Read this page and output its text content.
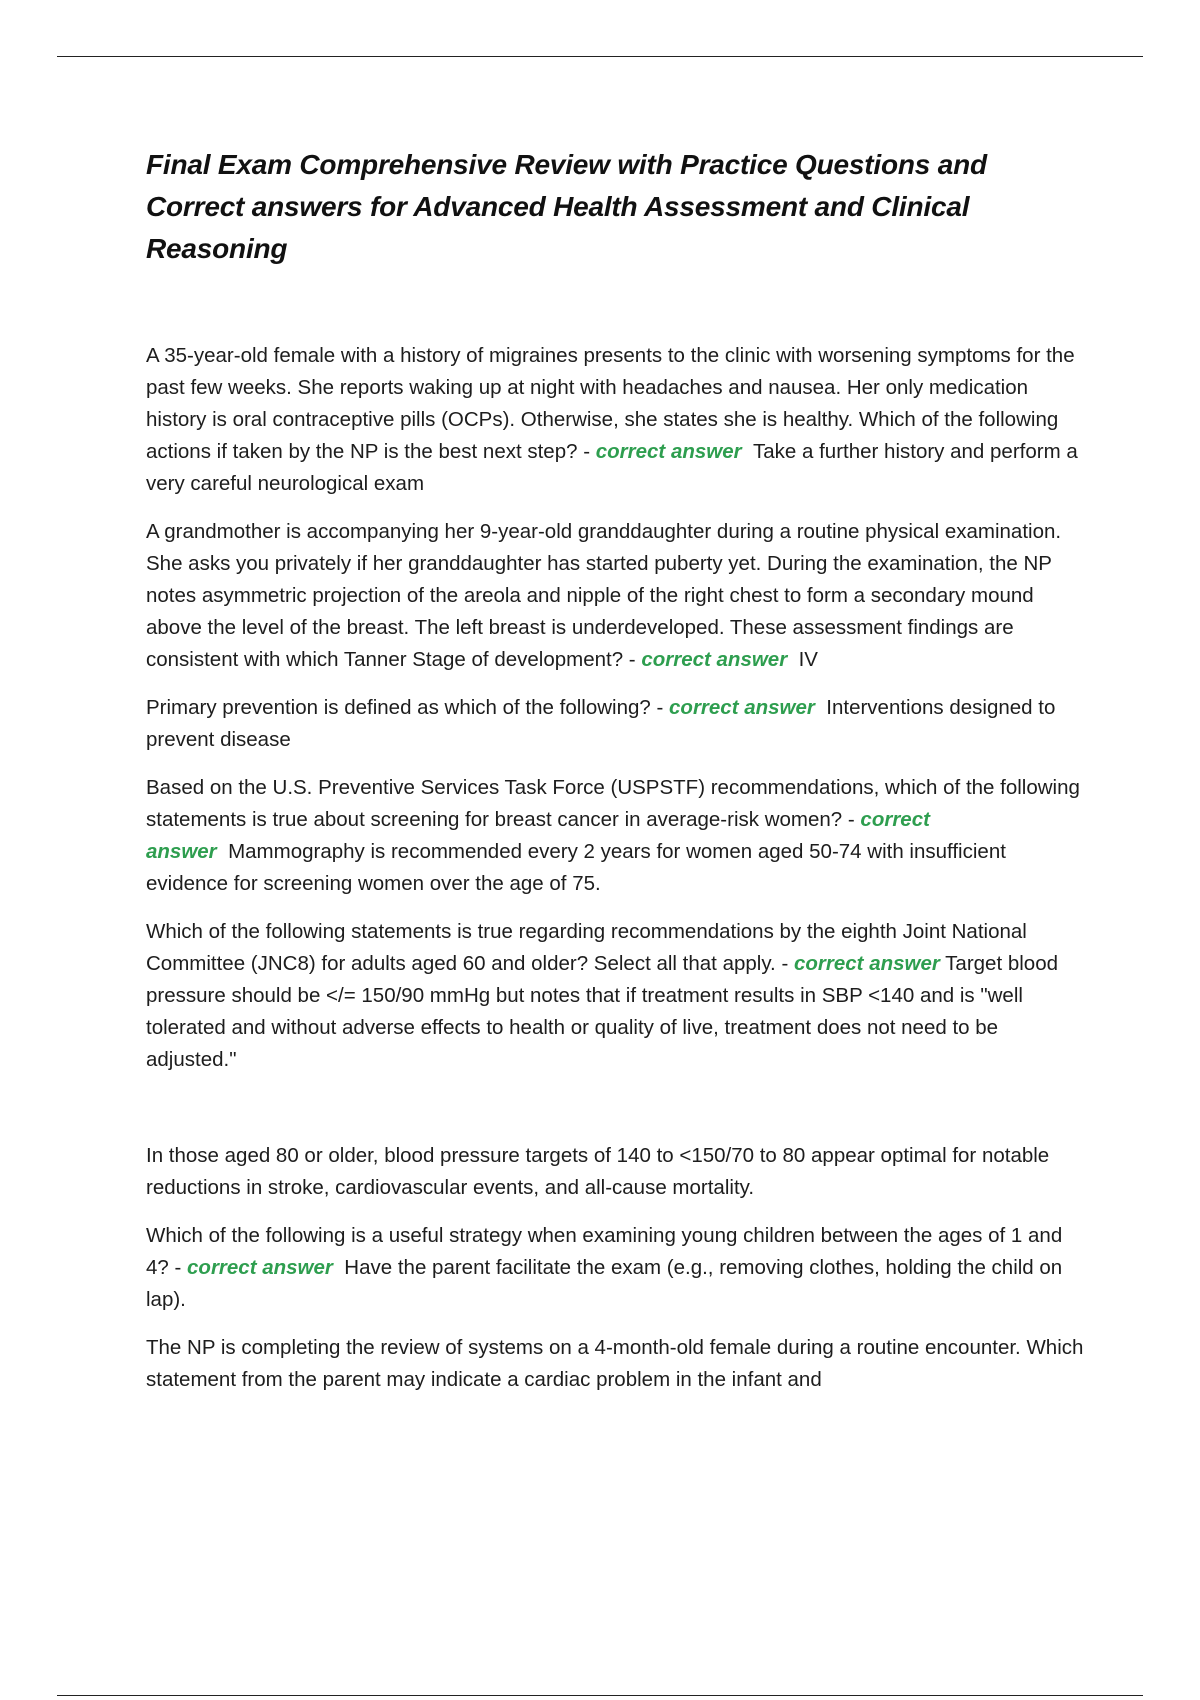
Final Exam Comprehensive Review with Practice Questions and Correct answers for Advanced Health Assessment and Clinical Reasoning

A 35-year-old female with a history of migraines presents to the clinic with worsening symptoms for the past few weeks. She reports waking up at night with headaches and nausea. Her only medication history is oral contraceptive pills (OCPs). Otherwise, she states she is healthy. Which of the following actions if taken by the NP is the best next step? - correct answer Take a further history and perform a very careful neurological exam

A grandmother is accompanying her 9-year-old granddaughter during a routine physical examination. She asks you privately if her granddaughter has started puberty yet. During the examination, the NP notes asymmetric projection of the areola and nipple of the right chest to form a secondary mound above the level of the breast. The left breast is underdeveloped. These assessment findings are consistent with which Tanner Stage of development? - correct answer IV

Primary prevention is defined as which of the following? - correct answer Interventions designed to prevent disease

Based on the U.S. Preventive Services Task Force (USPSTF) recommendations, which of the following statements is true about screening for breast cancer in average-risk women? - correct answer Mammography is recommended every 2 years for women aged 50-74 with insufficient evidence for screening women over the age of 75.

Which of the following statements is true regarding recommendations by the eighth Joint National Committee (JNC8) for adults aged 60 and older? Select all that apply. - correct answer Target blood pressure should be </= 150/90 mmHg but notes that if treatment results in SBP <140 and is "well tolerated and without adverse effects to health or quality of live, treatment does not need to be adjusted."

In those aged 80 or older, blood pressure targets of 140 to <150/70 to 80 appear optimal for notable reductions in stroke, cardiovascular events, and all-cause mortality.

Which of the following is a useful strategy when examining young children between the ages of 1 and 4? - correct answer Have the parent facilitate the exam (e.g., removing clothes, holding the child on lap).

The NP is completing the review of systems on a 4-month-old female during a routine encounter. Which statement from the parent may indicate a cardiac problem in the infant and
